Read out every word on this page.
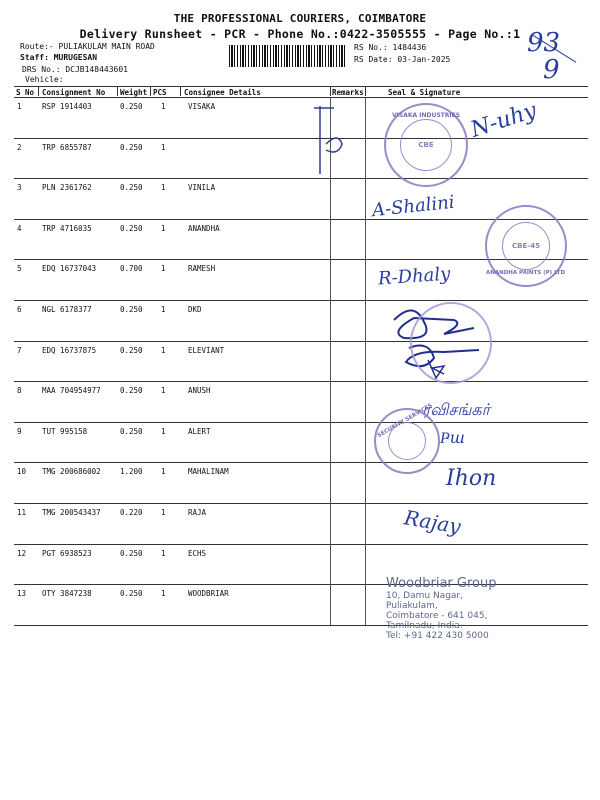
THE PROFESSIONAL COURIERS, COIMBATORE
Delivery Runsheet - PCR - Phone No.:0422-3505555 - Page No.:1
Route:- PULIAKULAM MAIN ROAD
Staff: MURUGESAN
DRS No.: DCJB148443601
Vehicle:
RS No.: 1484436
RS Date: 03-Jan-2025
93
9
S No Consignment No Weight PCS Consignee Details	Remarks	Seal & Signature
1	RSP 1914403	0.250 1	VISAKA
2	TRP 6855787	0.250 1
3	PLN 2361762	0.250 1	VINILA
4	TRP 4716035	0.250 1	ANANDHA
5	EDQ 16737043	0.700 1	RAMESH
6	NGL 6178377	0.250 1	DKD
7	EDQ 16737875	0.250 1	ELEVIANT
8	MAA 704954977	0.250 1	ANUSH
9	TUT 995158	0.250 1	ALERT
10 TMG 200686002	1.200 1	MAHALINAM
11 TMG 200543437	0.220 1	RAJA
12 PGT 6938523	0.250 1	ECHS
13 OTY 3847238	0.250 1	WOODBRIAR
N-uhy
A-Shalini
R-Dhaly
ரவிசங்கர்
Ҏш
Ihon
Rajay
CBE
VISAKA INDUSTRIES
CBE-45
ANANDHA PAINTS (P) LTD
SECURITY SERVICES
Woodbriar Group
10, Damu Nagar,
Puliakulam,
Coimbatore - 641 045,
Tamilnadu, India.
Tel: +91 422 430 5000
